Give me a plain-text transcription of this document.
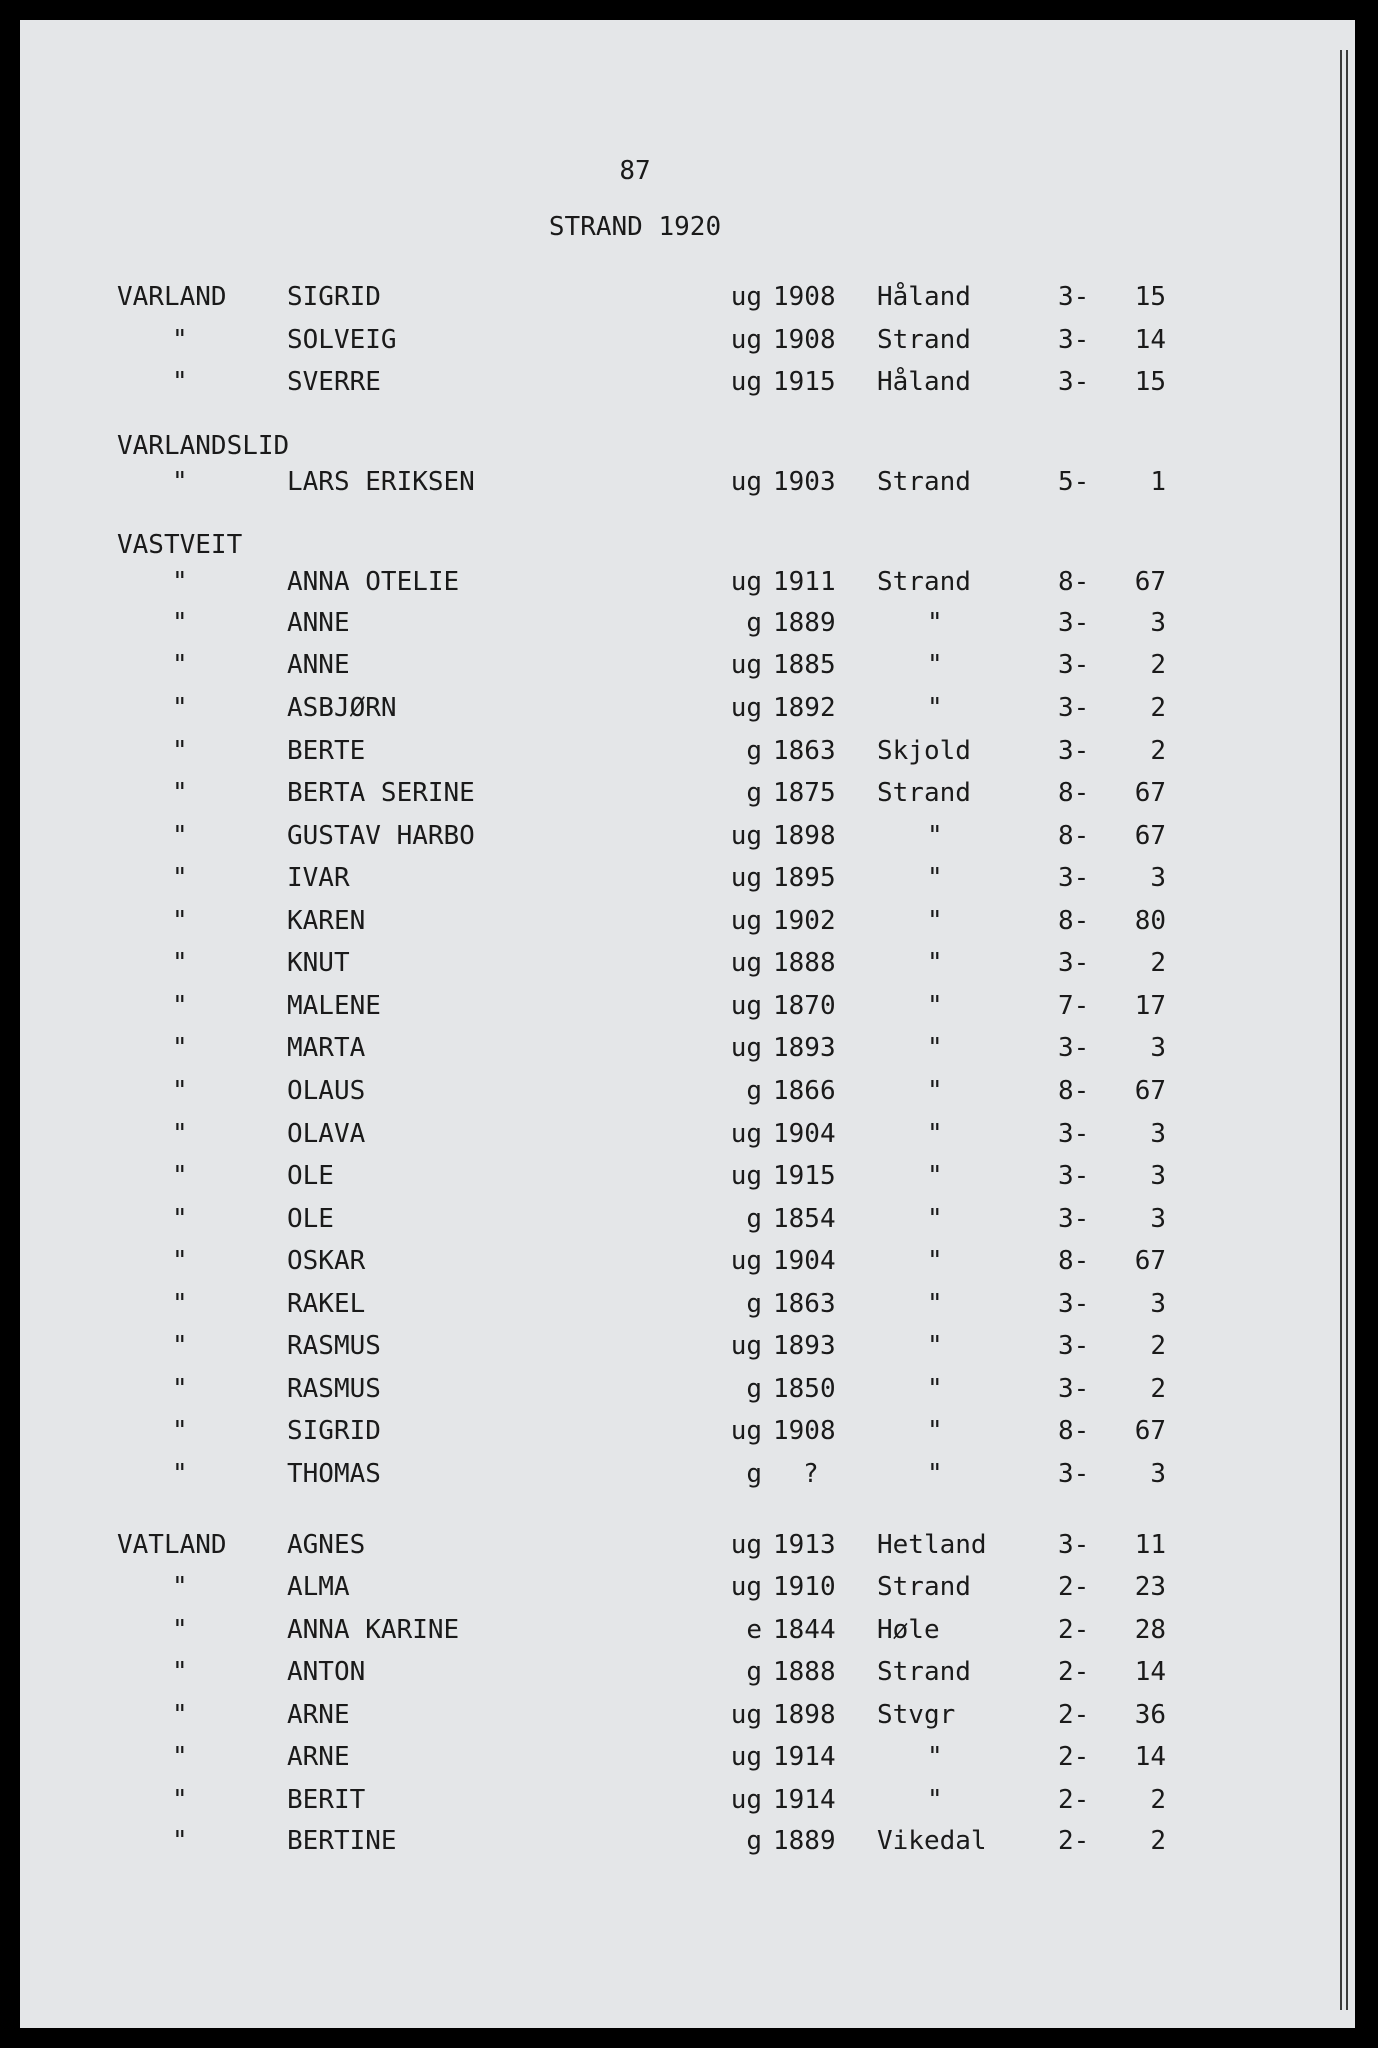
87
STRAND 1920
VARLAND SIGRID	ug 1908 Håland	3-	15
"	SOLVEIG	ug 1908 Strand	3-	14
"	SVERRE	ug 1915 Håland	3-	15
VARLANDSLID
"	LARS ERIKSEN	ug 1903 Strand	5-	1
VASTVEIT
"	ANNA OTELIE	ug 1911 Strand	8-	67
"	ANNE	g 1889	"	3-	3
"	ANNE	ug 1885	"	3-	2
"	ASBJØRN	ug 1892	"	3-	2
"	BERTE	g 1863 Skjold	3-	2
"	BERTA SERINE	g 1875 Strand	8-	67
"	GUSTAV HARBO	ug 1898	"	8-	67
"	IVAR	ug 1895	"	3-	3
"	KAREN	ug 1902	"	8-	80
"	KNUT	ug 1888	"	3-	2
"	MALENE	ug 1870	"	7-	17
"	MARTA	ug 1893	"	3-	3
"	OLAUS	g 1866	"	8-	67
"	OLAVA	ug 1904	"	3-	3
"	OLE	ug 1915	"	3-	3
"	OLE	g 1854	"	3-	3
"	OSKAR	ug 1904	"	8-	67
"	RAKEL	g 1863	"	3-	3
"	RASMUS	ug 1893	"	3-	2
"	RASMUS	g 1850	"	3-	2
"	SIGRID	ug 1908	"	8-	67
"	THOMAS	g ?	"	3-	3
VATLAND AGNES	ug 1913 Hetland	3-	11
"	ALMA	ug 1910 Strand	2-	23
"	ANNA KARINE	e 1844 Høle	2-	28
"	ANTON	g 1888 Strand	2-	14
"	ARNE	ug 1898 Stvgr	2-	36
"	ARNE	ug 1914	"	2-	14
"	BERIT	ug 1914	"	2-	2
"	BERTINE	g 1889 Vikedal	2-	2
